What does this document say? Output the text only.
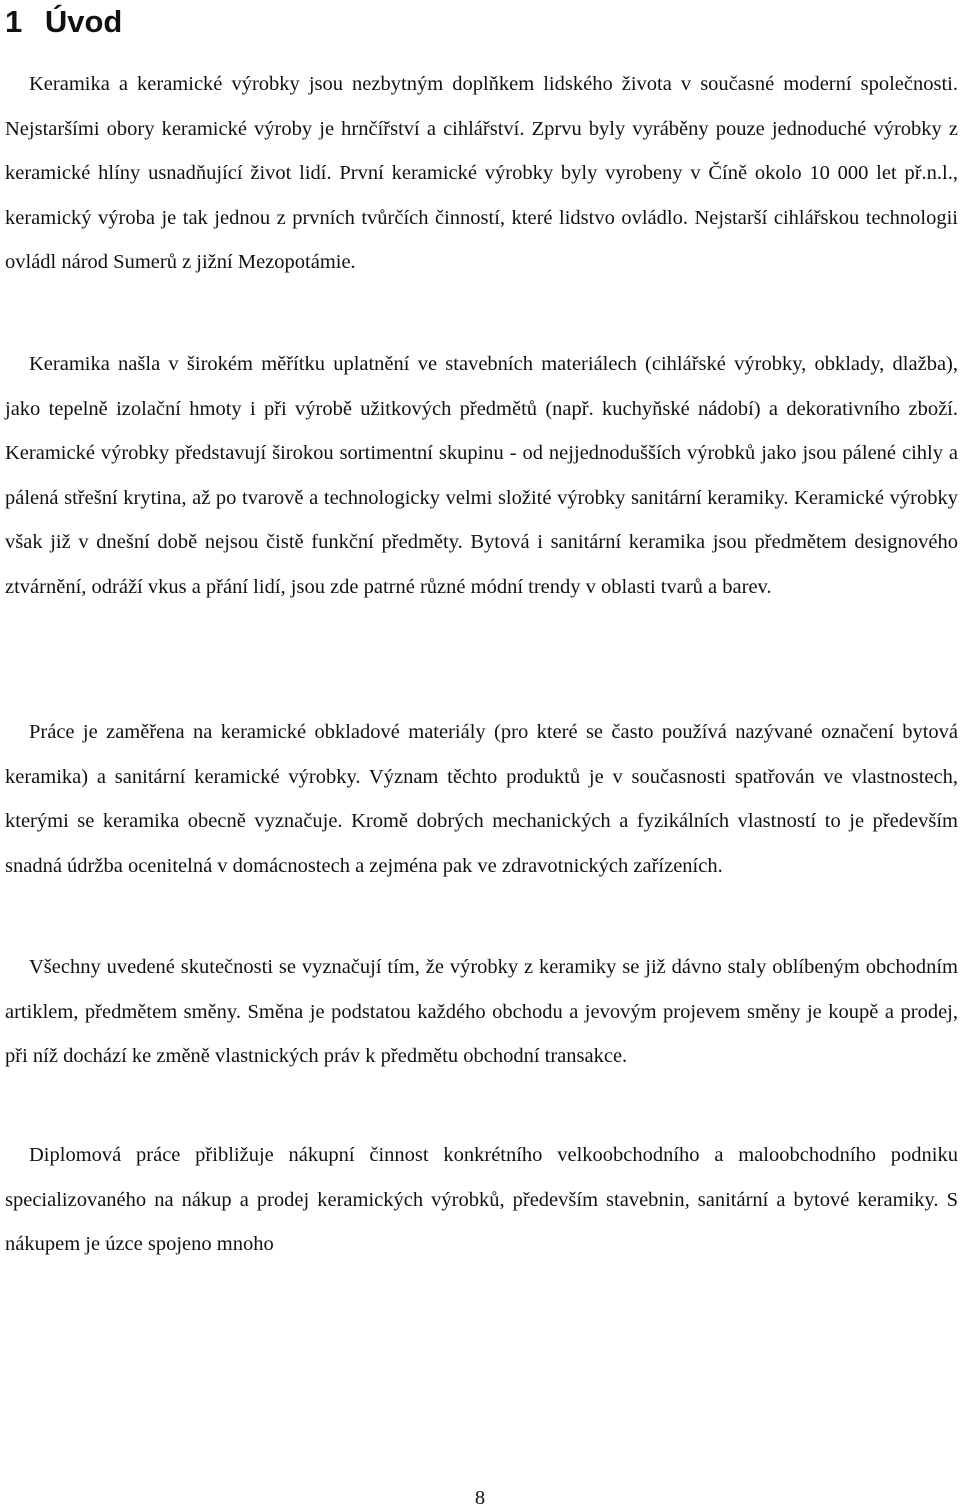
1 Úvod

Keramika a keramické výrobky jsou nezbytným doplňkem lidského života v současné moderní společnosti. Nejstaršími obory keramické výroby je hrnčířství a cihlářství. Zprvu byly vyráběny pouze jednoduché výrobky z keramické hlíny usnadňující život lidí. První keramické výrobky byly vyrobeny v Číně okolo 10 000 let př.n.l., keramický výroba je tak jednou z prvních tvůrčích činností, které lidstvo ovládlo. Nejstarší cihlářskou technologii ovládl národ Sumerů z jižní Mezopotámie.

Keramika našla v širokém měřítku uplatnění ve stavebních materiálech (cihlářské výrobky, obklady, dlažba), jako tepelně izolační hmoty i při výrobě užitkových předmětů (např. kuchyňské nádobí) a dekorativního zboží. Keramické výrobky představují širokou sortimentní skupinu - od nejjednodušších výrobků jako jsou pálené cihly a pálená střešní krytina, až po tvarově a technologicky velmi složité výrobky sanitární keramiky. Keramické výrobky však již v dnešní době nejsou čistě funkční předměty. Bytová i sanitární keramika jsou předmětem designového ztvárnění, odráží vkus a přání lidí, jsou zde patrné různé módní trendy v oblasti tvarů a barev.

Práce je zaměřena na keramické obkladové materiály (pro které se často používá nazývané označení bytová keramika) a sanitární keramické výrobky. Význam těchto produktů je v současnosti spatřován ve vlastnostech, kterými se keramika obecně vyznačuje. Kromě dobrých mechanických a fyzikálních vlastností to je především snadná údržba ocenitelná v domácnostech a zejména pak ve zdravotnických zařízeních.

Všechny uvedené skutečnosti se vyznačují tím, že výrobky z keramiky se již dávno staly oblíbeným obchodním artiklem, předmětem směny. Směna je podstatou každého obchodu a jevovým projevem směny je koupě a prodej, při níž dochází ke změně vlastnických práv k předmětu obchodní transakce.

Diplomová práce přibližuje nákupní činnost konkrétního velkoobchodního a maloobchodního podniku specializovaného na nákup a prodej keramických výrobků, především stavebnin, sanitární a bytové keramiky. S nákupem je úzce spojeno mnoho

8
